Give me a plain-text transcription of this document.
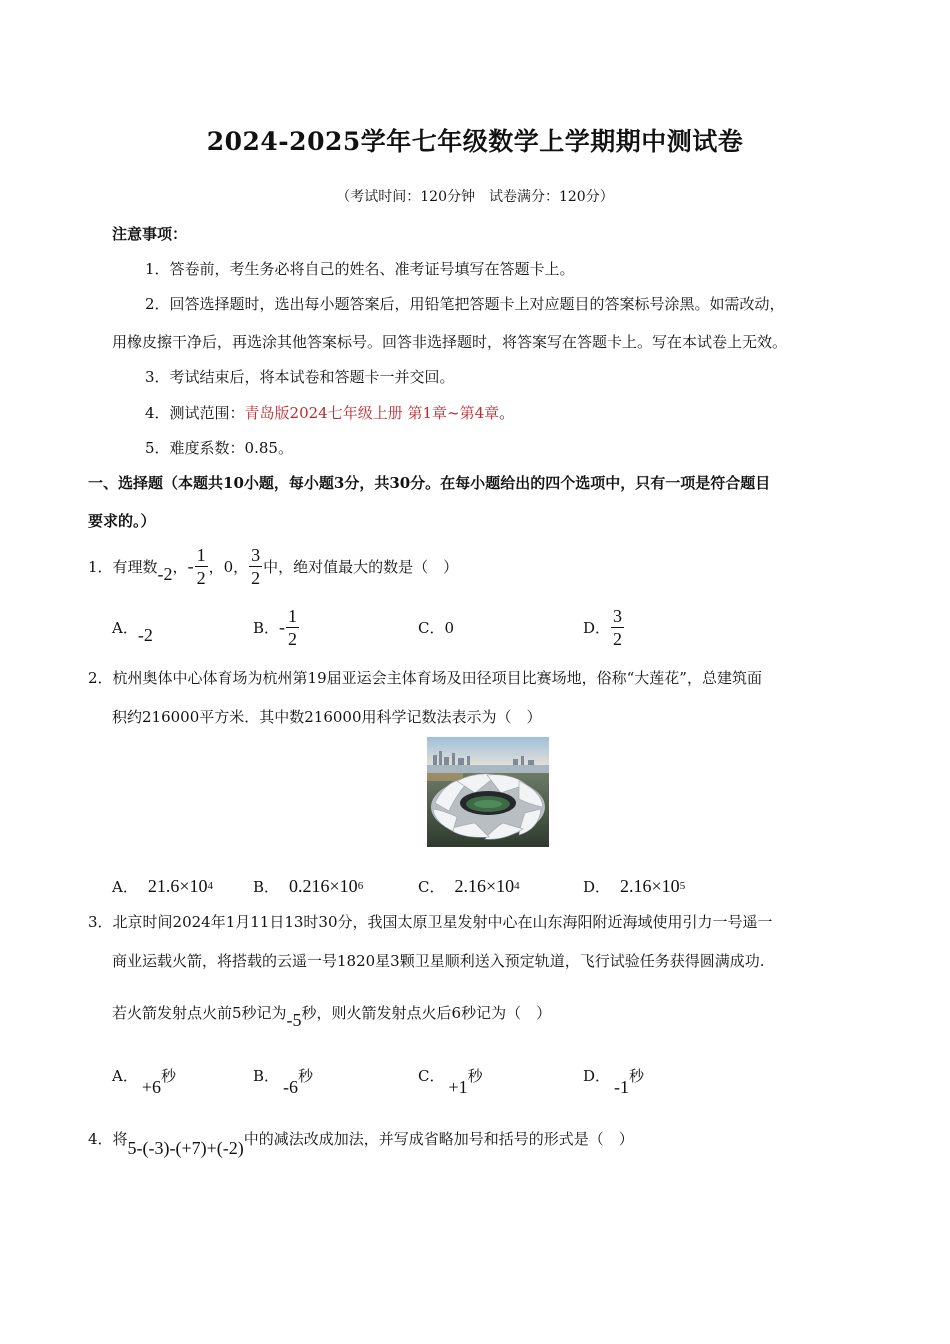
2024-2025学年七年级数学上学期期中测试卷
（考试时间：120分钟　试卷满分：120分）
注意事项：
1．答卷前，考生务必将自己的姓名、准考证号填写在答题卡上。
2．回答选择题时，选出每小题答案后，用铅笔把答题卡上对应题目的答案标号涂黑。如需改动，
用橡皮擦干净后，再选涂其他答案标号。回答非选择题时，将答案写在答题卡上。写在本试卷上无效。
3．考试结束后，将本试卷和答题卡一并交回。
4．测试范围：青岛版2024七年级上册 第1章~第4章。
5．难度系数：0.85。
一、选择题（本题共10小题，每小题3分，共30分。在每小题给出的四个选项中，只有一项是符合题目
要求的。）
1．有理数 -2 ， - $\frac{1}{2}$ ，0， $\frac{3}{2}$ 中，绝对值最大的数是（　）
A． -2	B． - $\frac{1}{2}$	C．0	D． $\frac{3}{2}$
2．杭州奥体中心体育场为杭州第19届亚运会主体育场及田径项目比赛场地，俗称“大莲花”，总建筑面
积约216000平方米．其中数216000用科学记数法表示为（　）
A． 21.6×10 4	B． 0.216×10 6	C． 2.16×10 4	D． 2.16×10 5
3．北京时间2024年1月11日13时30分，我国太原卫星发射中心在山东海阳附近海域使用引力一号遥一
商业运载火箭，将搭载的云遥一号1820星3颗卫星顺利送入预定轨道，飞行试验任务获得圆满成功.
若火箭发射点火前5秒记为-5秒，则火箭发射点火后6秒记为（　）
A．+6秒	B．-6秒	C．+1秒	D．-1秒
4．将5-(-3)-(+7)+(-2)中的减法改成加法，并写成省略加号和括号的形式是（　）
